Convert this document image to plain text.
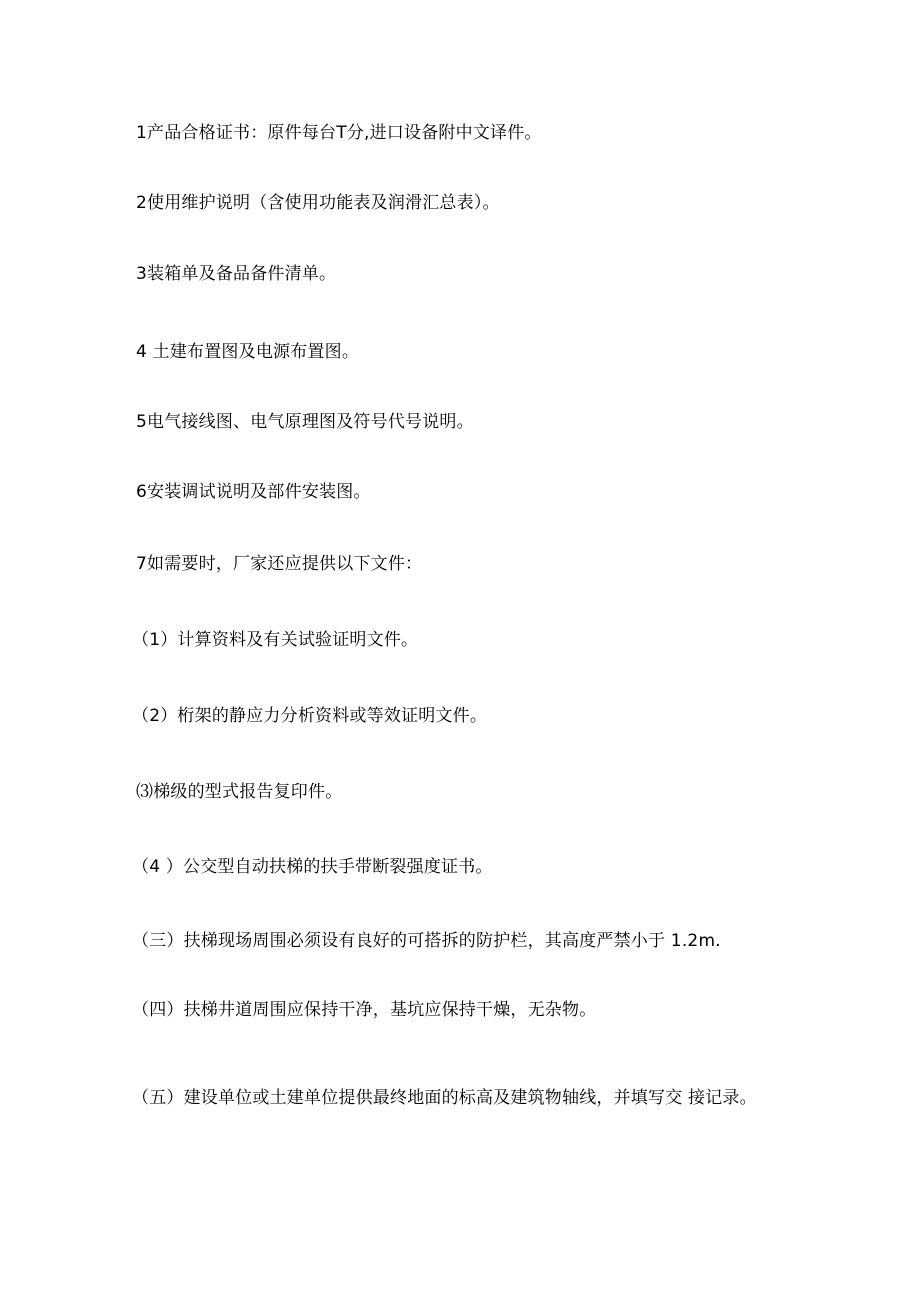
1产品合格证书：原件每台T分,进口设备附中文译件。
2使用维护说明（含使用功能表及润滑汇总表）。
3装箱单及备品备件清单。
4 土建布置图及电源布置图。
5电气接线图、电气原理图及符号代号说明。
6安装调试说明及部件安装图。
7如需要时，厂家还应提供以下文件：
（1）计算资料及有关试验证明文件。
（2）桁架的静应力分析资料或等效证明文件。
⑶梯级的型式报告复印件。
（4 ）公交型自动扶梯的扶手带断裂强度证书。
（三）扶梯现场周围必须设有良好的可搭拆的防护栏，其高度严禁小于 1.2m.
（四）扶梯井道周围应保持干净，基坑应保持干燥，无杂物。
（五）建设单位或土建单位提供最终地面的标高及建筑物轴线，并填写交 接记录。
